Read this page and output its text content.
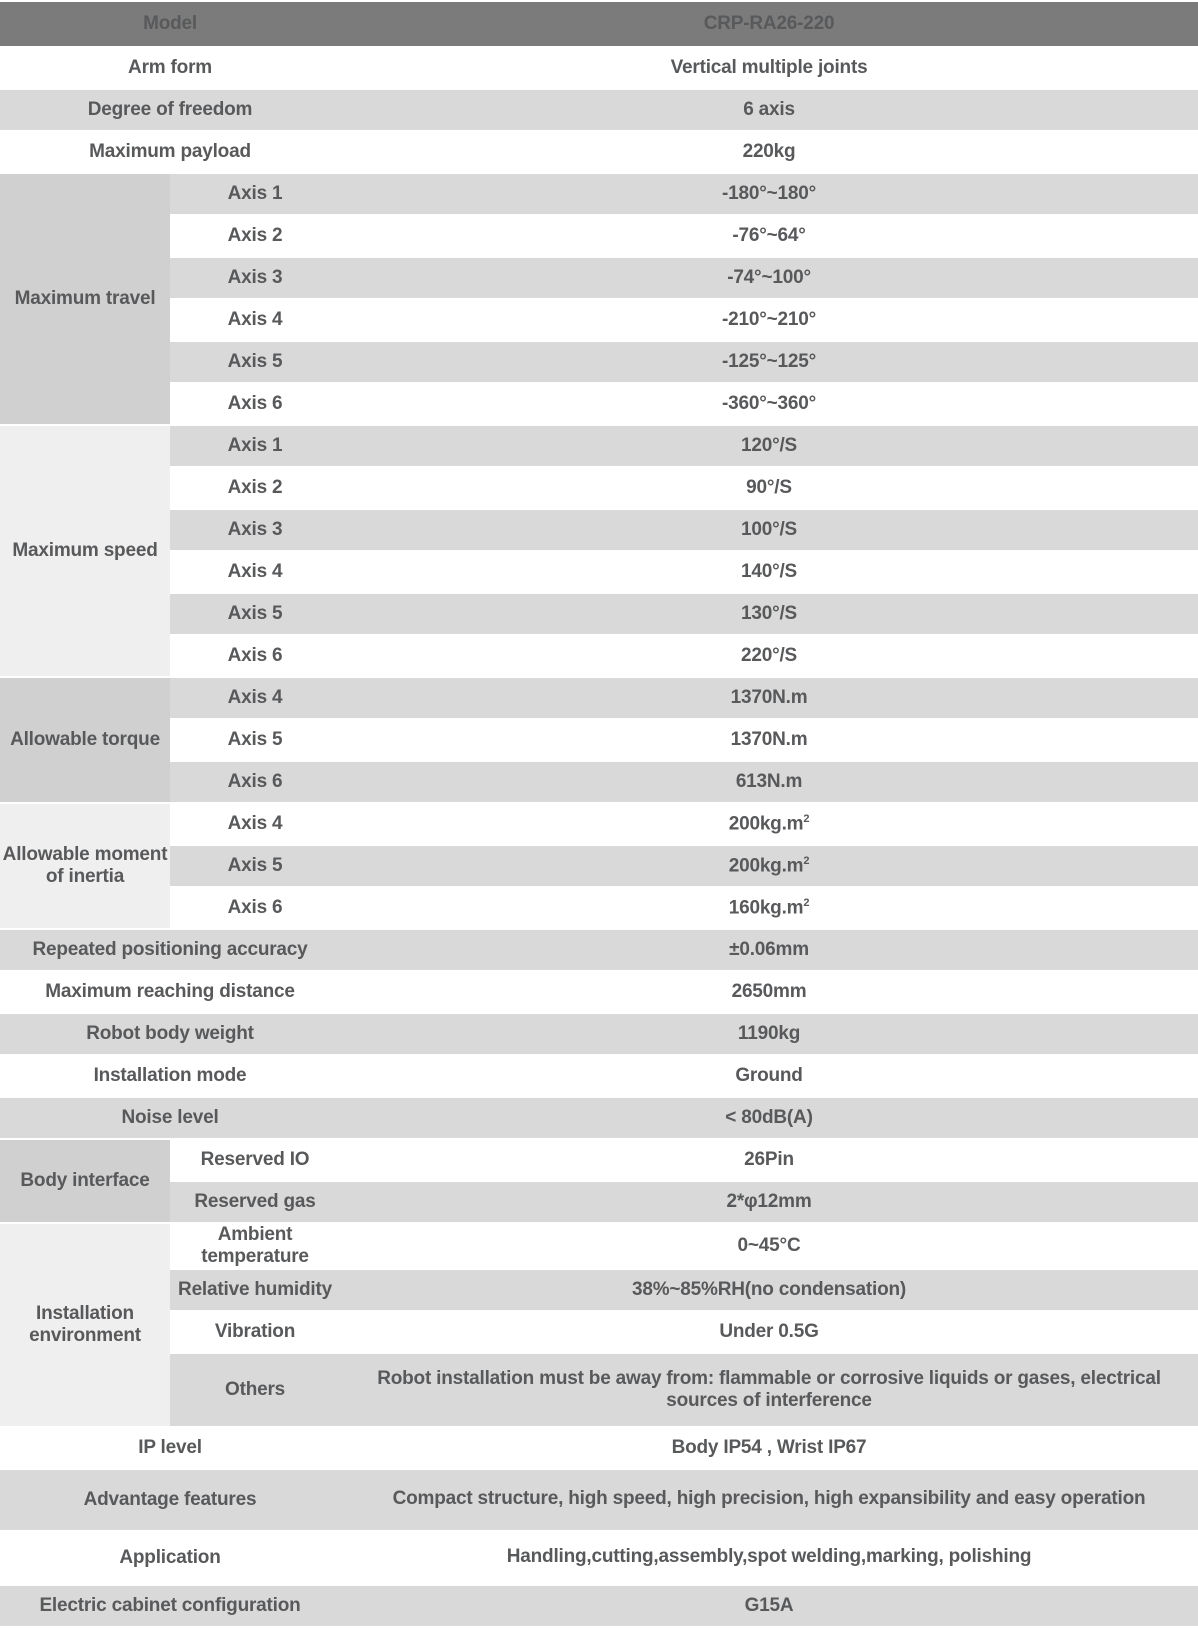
Model		CRP-RA26-220
Arm form		Vertical multiple joints
Degree of freedom		6 axis
Maximum payload		220kg
Maximum travel	Axis 1	-180°~180°
	Axis 2	-76°~64°
	Axis 3	-74°~100°
	Axis 4	-210°~210°
	Axis 5	-125°~125°
	Axis 6	-360°~360°
Maximum speed	Axis 1	120°/S
	Axis 2	90°/S
	Axis 3	100°/S
	Axis 4	140°/S
	Axis 5	130°/S
	Axis 6	220°/S
Allowable torque	Axis 4	1370N.m
	Axis 5	1370N.m
	Axis 6	613N.m
Allowable moment of inertia	Axis 4	$200kg.m^2$
	Axis 5	$200kg.m^2$
	Axis 6	$160kg.m^2$
Repeated positioning accuracy		±0.06mm
Maximum reaching distance		2650mm
Robot body weight		1190kg
Installation mode		Ground
Noise level		< 80dB(A)
Body interface	Reserved IO	26Pin
	Reserved gas	2*φ12mm
Installation environment	Ambient temperature	0~45°C
	Relative humidity	38%~85%RH(no condensation)
	Vibration	Under 0.5G
	Others	Robot installation must be away from: flammable or corrosive liquids or gases, electrical sources of interference
IP level		Body IP54 , Wrist IP67
Advantage features		Compact structure, high speed, high precision, high expansibility and easy operation
Application		Handling,cutting,assembly,spot welding,marking, polishing
Electric cabinet configuration		G15A
